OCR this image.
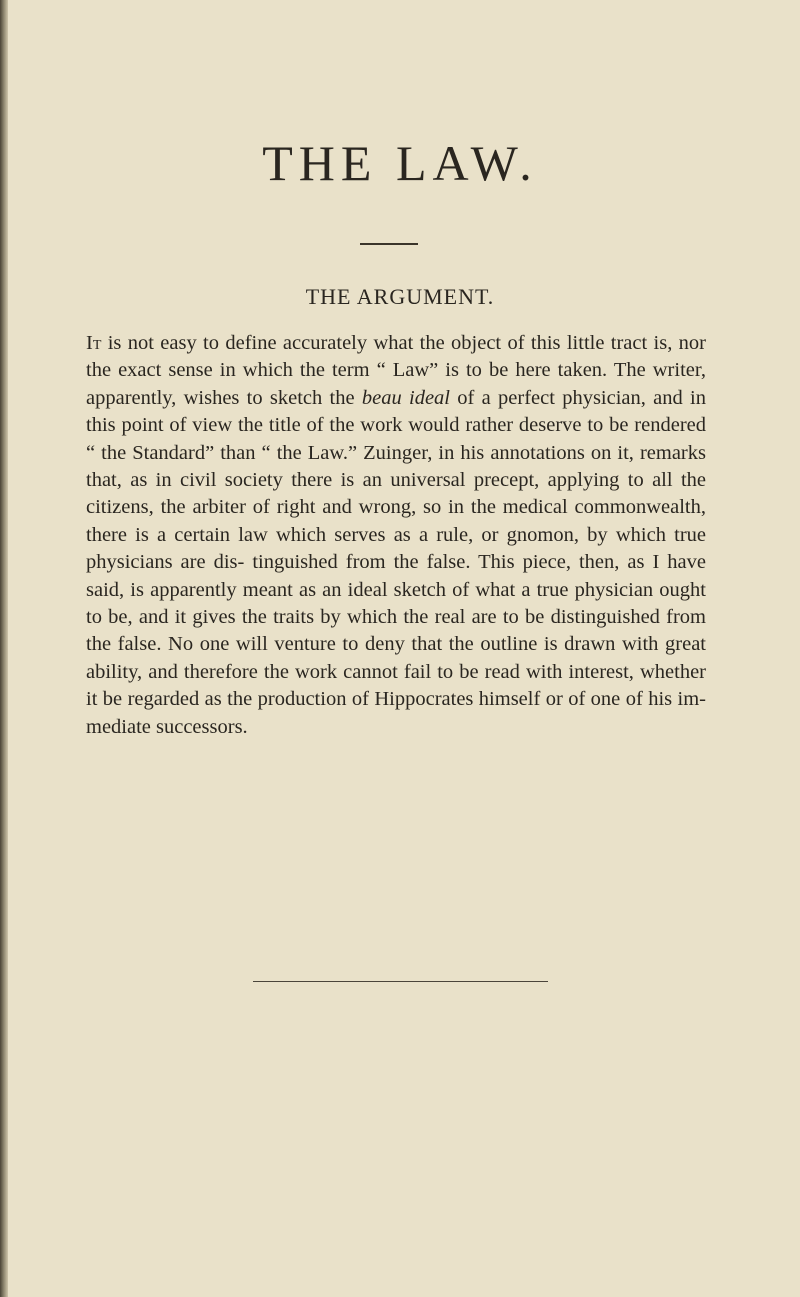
THE LAW.
THE ARGUMENT.

It is not easy to define accurately what the object of this little tract is, nor the exact sense in which the term “ Law” is to be here taken. The writer, apparently, wishes to sketch the beau ideal of a perfect physician, and in this point of view the title of the work would rather deserve to be rendered “ the Standard” than “ the Law.” Zuinger, in his annotations on it, remarks that, as in civil society there is an universal precept, applying to all the citizens, the arbiter of right and wrong, so in the medical commonwealth, there is a certain law which serves as a rule, or gnomon, by which true physicians are dis- tinguished from the false. This piece, then, as I have said, is apparently meant as an ideal sketch of what a true physician ought to be, and it gives the traits by which the real are to be distinguished from the false. No one will venture to deny that the outline is drawn with great ability, and therefore the work cannot fail to be read with interest, whether it be regarded as the production of Hippocrates himself or of one of his im- mediate successors.
